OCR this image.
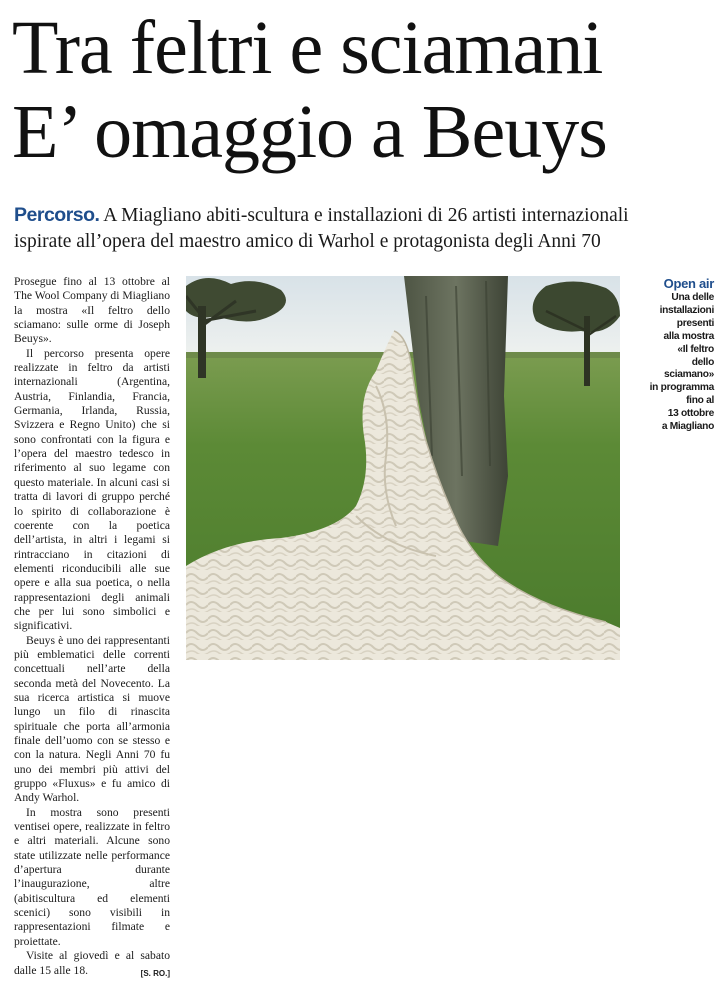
Tra feltri e sciamani
E’ omaggio a Beuys
Percorso. A Miagliano abiti-scultura e installazioni di 26 artisti internazionali
ispirate all’opera del maestro amico di Warhol e protagonista degli Anni 70

Prosegue fino al 13 ottobre al The Wool Company di Miagliano la mostra «Il feltro dello sciamano: sulle orme di Joseph Beuys».

Il percorso presenta opere realizzate in feltro da artisti internazionali (Argentina, Austria, Finlandia, Francia, Germania, Irlanda, Russia, Svizzera e Regno Unito) che si sono confrontati con la figura e l’opera del maestro tedesco in riferimento al suo legame con questo materiale. In alcuni casi si tratta di lavori di gruppo perché lo spirito di collaborazione è coerente con la poetica dell’artista, in altri i legami si rintracciano in citazioni di elementi riconducibili alle sue opere e alla sua poetica, o nella rappresentazioni degli animali che per lui sono simbolici e significativi.

Beuys è uno dei rappresentanti più emblematici delle correnti concettuali nell’arte della seconda metà del Novecento. La sua ricerca artistica si muove lungo un filo di rinascita spirituale che porta all’armonia finale dell’uomo con se stesso e con la natura. Negli Anni 70 fu uno dei membri più attivi del gruppo «Fluxus» e fu amico di Andy Warhol.

In mostra sono presenti ventisei opere, realizzate in feltro e altri materiali. Alcune sono state utilizzate nelle performance d’apertura durante l’inaugurazione, altre (abitiscultura ed elementi scenici) sono visibili in rappresentazioni filmate e proiettate.

Visite al giovedì e al sabato dalle 15 alle 18.	[S. RO.]

Open air
Una delle
installazioni
presenti
alla mostra
«Il feltro
dello
sciamano»
in programma
fino al
13 ottobre
a Miagliano
